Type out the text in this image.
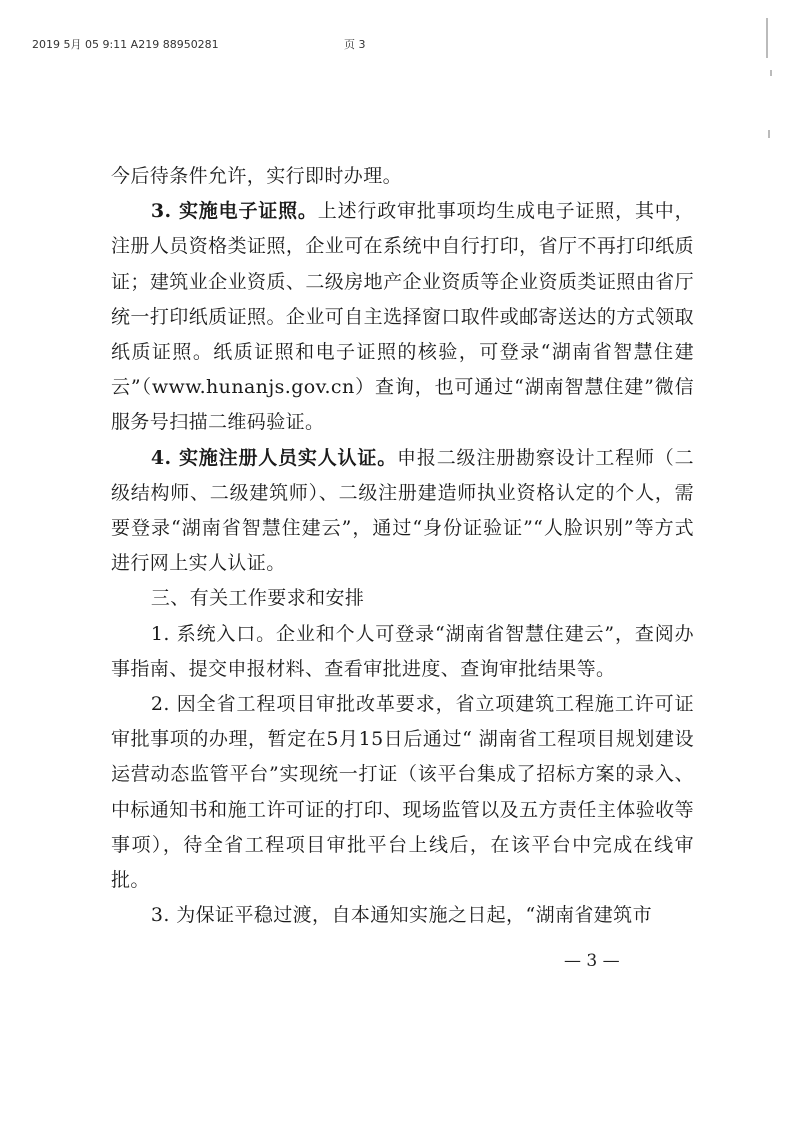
2019 5月 05 9:11 A219 88950281	页 3

今后待条件允许，实行即时办理。

3. 实施电子证照。上述行政审批事项均生成电子证照，其中，注册人员资格类证照，企业可在系统中自行打印，省厅不再打印纸质证；建筑业企业资质、二级房地产企业资质等企业资质类证照由省厅统一打印纸质证照。企业可自主选择窗口取件或邮寄送达的方式领取纸质证照。纸质证照和电子证照的核验，可登录“湖南省智慧住建云”（www.hunanjs.gov.cn）查询，也可通过“湖南智慧住建”微信服务号扫描二维码验证。

4. 实施注册人员实人认证。申报二级注册勘察设计工程师（二级结构师、二级建筑师）、二级注册建造师执业资格认定的个人，需要登录“湖南省智慧住建云”，通过“身份证验证”“人脸识别”等方式进行网上实人认证。

三、有关工作要求和安排

1. 系统入口。企业和个人可登录“湖南省智慧住建云”，查阅办事指南、提交申报材料、查看审批进度、查询审批结果等。

2. 因全省工程项目审批改革要求，省立项建筑工程施工许可证审批事项的办理，暂定在5月15日后通过“ 湖南省工程项目规划建设运营动态监管平台”实现统一打证（该平台集成了招标方案的录入、中标通知书和施工许可证的打印、现场监管以及五方责任主体验收等事项），待全省工程项目审批平台上线后，在该平台中完成在线审批。

3. 为保证平稳过渡，自本通知实施之日起，“湖南省建筑市

— 3 —
